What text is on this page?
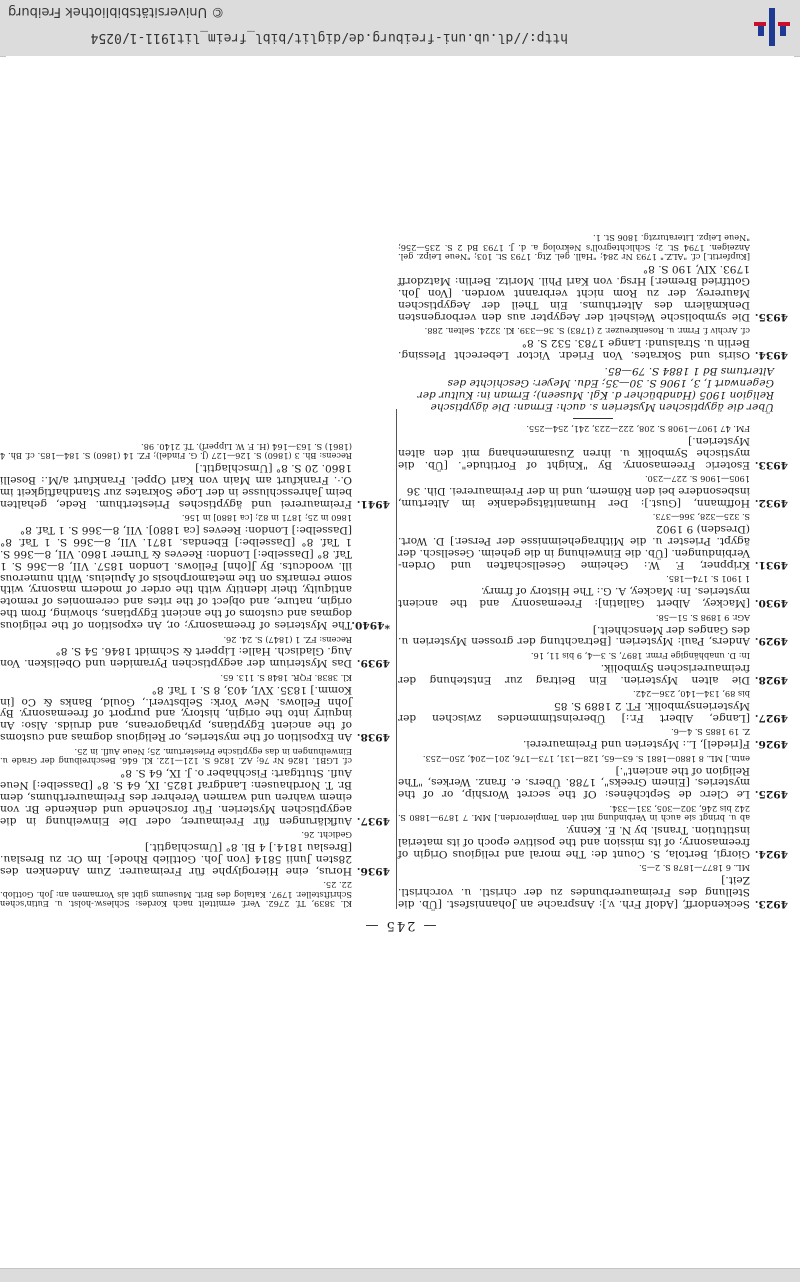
© Universitätsbibliothek Freiburg
http://dl.ub.uni-freiburg.de/diglit/bibl_freim_lit1911-1/0254
— 245 —
4923.
Seckendorff, [Adolf Frh. v.]: Ansprache an Johannisfest. [Üb. die Stellung des Freimaurerbundes zu der christl. u. vorchristl. Zeit.]
ML. 6 1877—1878 S. 2—5.
4924.
Giorgi, Bertola, S. Count de: The moral and religious Origin of freemasonry; of its mission and the positive epoch of its material institution. Transl. by N. E. Kenny.
ab u. bringt sie auch in Verbindung mit den Templerorden.] MM. 7 1879—1880 S. 242 bis 246, 302—305, 331—334.
4925.
Le Clerc de Septchênes: Of the secret Worship, or of the mysteries. [Einem Greeks", 1788. Übers. e. franz. Werkes, "The Religion of the ancient".]
entn.] ML. 8 1880—1881 S. 63—65, 128—131, 173—176, 201—204, 250—253.
4926.
F[riedel], L.: Mysterien und Freimaurerei.
Z. 19 1885 S. 4—6.
4927.
[Lange, Albert Fr.:] Übereinstimmendes zwischen der Mysteriensymbolik. FT. 2 1889 S. 85
bis 89, 134—140, 236—242.
4928.
Die alten Mysterien. Ein Beitrag zur Entstehung der freimaurerischen Symbolik.
In: D. unabhängige Frmr. 1897, S. 3—4, 9 bis 11, 16.
4929.
Anders, Paul: Mysterien. [Betrachtung der grossen Mysterien u. des Ganges der Menschheit.]
AGr. 9 1898 S. 51—58.
4930.
[Mackey, Albert Gallatin]: Freemasonry and the ancient mysteries. In: Mackey, A. G.: The History of frmry.
1 1901 S. 174—185.
4931.
Krippner, F. W.: Geheime Gesellschaften und Orden-Verbindungen. [Üb. die Einweihung in die geheim. Gesellsch. der ägypt. Priester u. die Mithrageheimnisse der Perser.] D. Wort. (Dresden) 9 1902
S. 325—328, 366—373.
4932.
Hoffmann, [Gust.]: Der Humanitätsgedanke im Altertum, insbesondere bei den Römern, und in der Freimaurerei. Dih. 36
1905—1906 S. 227—230.
4933.
Esoteric Freemasonry. By "Knight of Fortitude". [Üb. die mystische Symbolik u. ihren Zusammenhang mit den alten Mysterien.]
FM. 47 1907—1908 S. 208, 222—223, 241, 254—255.
Über die ägyptischen Mysterien s. auch: Erman: Die ägyptische Religion 1905 (Handbücher d. Kgl. Museen); Erman in: Kultur der Gegenwart I, 3, 1906 S. 30—35; Edu. Meyer: Geschichte des Altertums Bd 1 1884 S. 79—85.
4934.
Osiris und Sokrates. Von Friedr. Victor Leberecht Plessing. Berlin u. Stralsund: Lange 1783. 532 S. 8°
cf. Archiv f. Frmr. u. Rosenkreuzer. 2 (1783) S. 36—339. Kl. 3224. Selten. 288.
4935.
Die symbolische Weisheit der Aegypter aus den verborgensten Denkmälern des Alterthums. Ein Theil der Aegyptischen Maurerey, der zu Rom nicht verbrannt worden. [Von Joh. Gottfried Bremer.] Hrsg. von Karl Phil. Moritz. Berlin: Matzdorff 1793. XIV, 190 S. 8°
[Kupfertit.] cf. "ALZ." 1793 Nr 284; "Hall. gel. Ztg. 1793 St. 103; "Neue Leipz. gel. Anzeigen. 1794 St. 2; Schlichtegroll's Nekrolog a. d. J. 1793 Bd 2 S. 235—256; "Neue Leipz. Literaturztg. 1806 St. 1.
Kl. 3839, Tf. 2762. Verf. ermittelt nach Kordes: Schlesw.-holst. u. Eutin'schen Schriftsteller. 1797. Katalog des Brit. Museums gibt als Vornamen an: Joh. Gottlob. 22. 25.
4936.
Horus, eine Hieroglyphe für Freimaurer. Zum Andenken des 28sten Junii 5814 [von Joh. Gottlieb Rhode]. Im Or. zu Breslau. [Breslau 1814.] 4 Bl. 8° [Umschlagtit.]
Gedicht. 26.
4937.
Aufklärungen für Freimaurer, oder Die Einweihung in die aegyptischen Mysterien. Für forschende und denkende Br. von einem wahren und warmen Verehrer des Freimaurerthums, dem Br. T. Nordhausen: Landgraf 1825. IX, 64 S. 8° [Dasselbe:] Neue Aufl. Stuttgart: Fischhaber o. J. IX, 64 S. 8°
cf. LGB1. 1826 Nr 76; AZ. 1826 S. 121—122. Kl. 646. Beschreibung der Grade u. Einweihungen in das egyptische Priestertum. 25; Neue Aufl. in 25.
4938.
An Exposition of the mysteries, or Religious dogmas and customs of the ancient Egyptians, pythagoreans, and druids. Also: An inquiry into the origin, history, and purport of freemasonry. By John Fellows. New York: Selbstverl., Gould, Banks & Co [in Komm.] 1835. XVI, 403, 8 S. 1 Taf. 8°
Kl. 3838. FQR. 1848 S. 113. 65.
4939.
Das Mysterium der aegyptischen Pyramiden und Obelisken. Von Aug. Gladisch. Halle: Lippert & Schmidt 1846. 54 S. 8°
Recens: FZ. 1 (1847) S. 24. 26.
*4940.
The Mysteries of freemasonry; or, An exposition of the religious dogmas and customs of the ancient Egyptians, showing, from the origin, nature, and object of the rites and ceremonies of remote antiquity, their identity with the order of modern masonry, with some remarks on the metamorphosis of Apuleius. With numerous ill. woodcuts. By J[ohn] Fellows. London 1857. VII, 8—366 S. 1 Taf. 8° [Dasselbe:] London: Reeves & Turner 1860. VII, 8—366 S. 1 Taf. 8° [Dasselbe:] Ebendas. 1871. VII, 8—366 S. 1 Taf. 8° [Dasselbe:] London: Reeves [ca 1880]. VII, 8—366 S. 1 Taf. 8°
1860 in 25; 1871 in 82; [ca 1880] in 156.
4941.
Freimaurerei und ägyptisches Priesterthum. Rede, gehalten beim Jahresschlusse in der Loge Sokrates zur Standhaftigkeit im O.·. Frankfurt am Main von Karl Oppel. Frankfurt a/M.: Boselli 1860. 20 S. 8° [Umschlagtit.]
Recens: Bh. 3 (1860) S. 126—127 (J. G. Findel); FZ. 14 (1860) S. 184—185. cf. Bh. 4 (1861) S. 163—164 (H. F. W. Lipperf). Tf. 2140. 98.
